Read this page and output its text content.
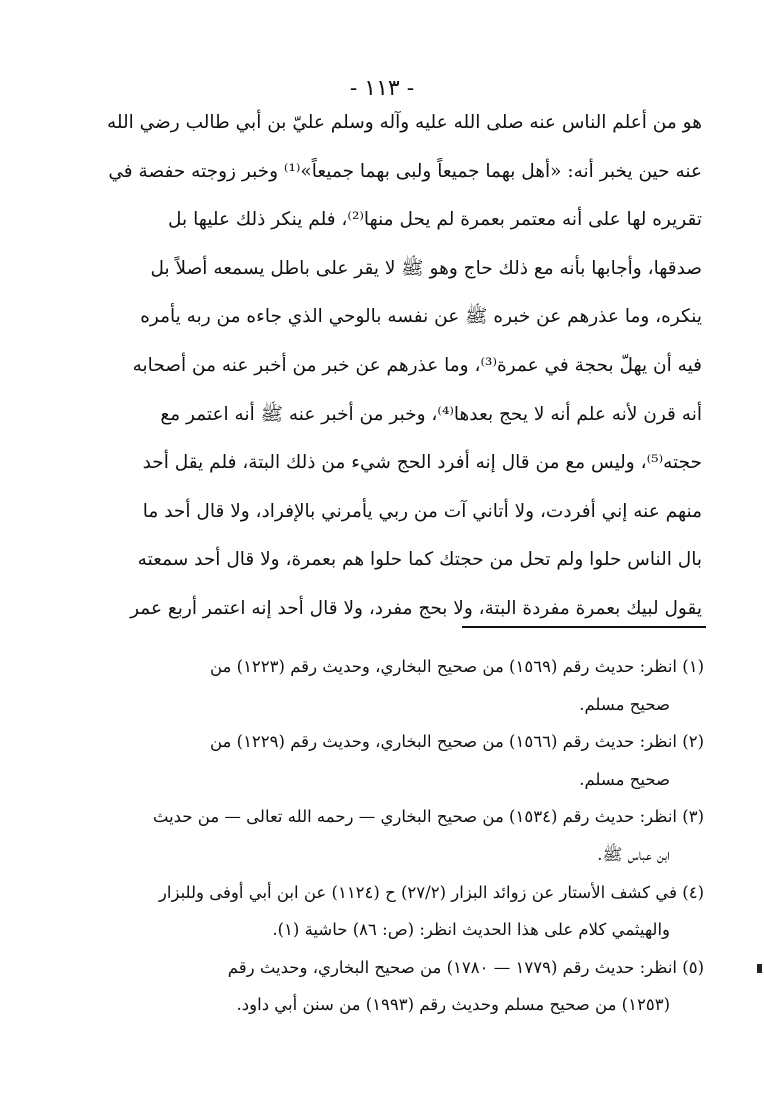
- ١١٣ -
هو من أعلم الناس عنه صلى الله عليه وآله وسلم عليّ بن أبي طالب رضي الله
عنه حين يخبر أنه: «أهل بهما جميعاً ولبى بهما جميعاً»⁽¹⁾ وخبر زوجته حفصة في
تقريره لها على أنه معتمر بعمرة لم يحل منها⁽²⁾، فلم ينكر ذلك عليها بل
صدقها، وأجابها بأنه مع ذلك حاج وهو ﷺ لا يقر على باطل يسمعه أصلاً بل
ينكره، وما عذرهم عن خبره ﷺ عن نفسه بالوحي الذي جاءه من ربه يأمره
فيه أن يهلّ بحجة في عمرة⁽³⁾، وما عذرهم عن خبر من أخبر عنه من أصحابه
أنه قرن لأنه علم أنه لا يحج بعدها⁽⁴⁾، وخبر من أخبر عنه ﷺ أنه اعتمر مع
حجته⁽⁵⁾، وليس مع من قال إنه أفرد الحج شيء من ذلك البتة، فلم يقل أحد
منهم عنه إني أفردت، ولا أتاني آت من ربي يأمرني بالإفراد، ولا قال أحد ما
بال الناس حلوا ولم تحل من حجتك كما حلوا هم بعمرة، ولا قال أحد سمعته
يقول لبيك بعمرة مفردة البتة، ولا بحج مفرد، ولا قال أحد إنه اعتمر أربع عمر
(١) انظر: حديث رقم (١٥٦٩) من صحيح البخاري، وحديث رقم (١٢٢٣) من
صحيح مسلم.
(٢) انظر: حديث رقم (١٥٦٦) من صحيح البخاري، وحديث رقم (١٢٢٩) من
صحيح مسلم.
(٣) انظر: حديث رقم (١٥٣٤) من صحيح البخاري — رحمه الله تعالى — من حديث
ابن عباس ﷺ.
(٤) في كشف الأستار عن زوائد البزار (٢٧/٢) ح (١١٢٤) عن ابن أبي أوفى وللبزار
والهيثمي كلام على هذا الحديث انظر: (ص: ٨٦) حاشية (١).
(٥) انظر: حديث رقم (١٧٧٩ — ١٧٨٠) من صحيح البخاري، وحديث رقم
(١٢٥٣) من صحيح مسلم وحديث رقم (١٩٩٣) من سنن أبي داود.
